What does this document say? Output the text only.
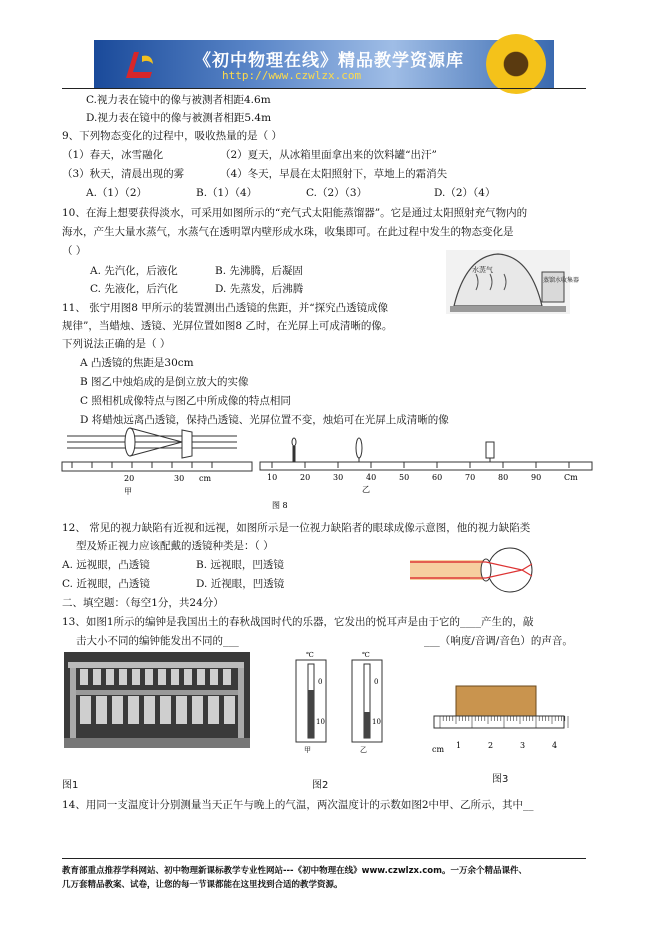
《初中物理在线》精品教学资源库
http://www.czwlzx.com
C.视力表在镜中的像与被测者相距4.6m
D.视力表在镜中的像与被测者相距5.4m
9、下列物态变化的过程中，吸收热量的是（ ）
（1）春天，冰雪融化	（2）夏天，从冰箱里面拿出来的饮料罐“出汗”
（3）秋天，清晨出现的雾	（4）冬天，早晨在太阳照射下，草地上的霜消失
A.（1）（2）	B.（1）（4）	C.（2）（3）	D.（2）（4）
10、在海上想要获得淡水，可采用如图所示的“充气式太阳能蒸馏器”。它是通过太阳照射充气物内的
海水，产生大量水蒸气，水蒸气在透明罩内壁形成水珠，收集即可。在此过程中发生的物态变化是
（ ）
A. 先汽化，后液化	B. 先沸腾，后凝固
C. 先液化，后汽化	D. 先蒸发，后沸腾
水蒸气
蒸馏水收集器
11、 张宁用图8 甲所示的装置测出凸透镜的焦距，并“探究凸透镜成像
规律”，当蜡烛、透镜、光屏位置如图8 乙时，在光屏上可成清晰的像。
下列说法正确的是（ ）
A 凸透镜的焦距是30cm
B 图乙中烛焰成的是倒立放大的实像
C 照相机成像特点与图乙中所成像的特点相同
D 将蜡烛远离凸透镜，保持凸透镜、光屏位置不变，烛焰可在光屏上成清晰的像
20	30 cm
甲
10	20	30	40	50	60	70	80	90	Cm
乙
图 8
12、 常见的视力缺陷有近视和远视，如图所示是一位视力缺陷者的眼球成像示意图，他的视力缺陷类
型及矫正视力应该配戴的透镜种类是：（ ）
A. 远视眼，凸透镜	B. 远视眼，凹透镜
C. 近视眼，凸透镜	D. 近视眼，凹透镜
二、填空题：（每空1分，共24分）
13、如图1所示的编钟是我国出土的春秋战国时代的乐器，它发出的悦耳声是由于它的____产生的，敲
击大小不同的编钟能发出不同的___	___（响度/音调/音色）的声音。
℃
0
10
甲
℃
0
10
乙	cm 1	2	3	4
图1	图2
图3
14、用同一支温度计分别测量当天正午与晚上的气温，两次温度计的示数如图2中甲、乙所示，其中__
教育部重点推荐学科网站、初中物理新课标教学专业性网站---《初中物理在线》www.czwlzx.com。一万余个精品课件、
几万套精品教案、试卷，让您的每一节课都能在这里找到合适的教学资源。
